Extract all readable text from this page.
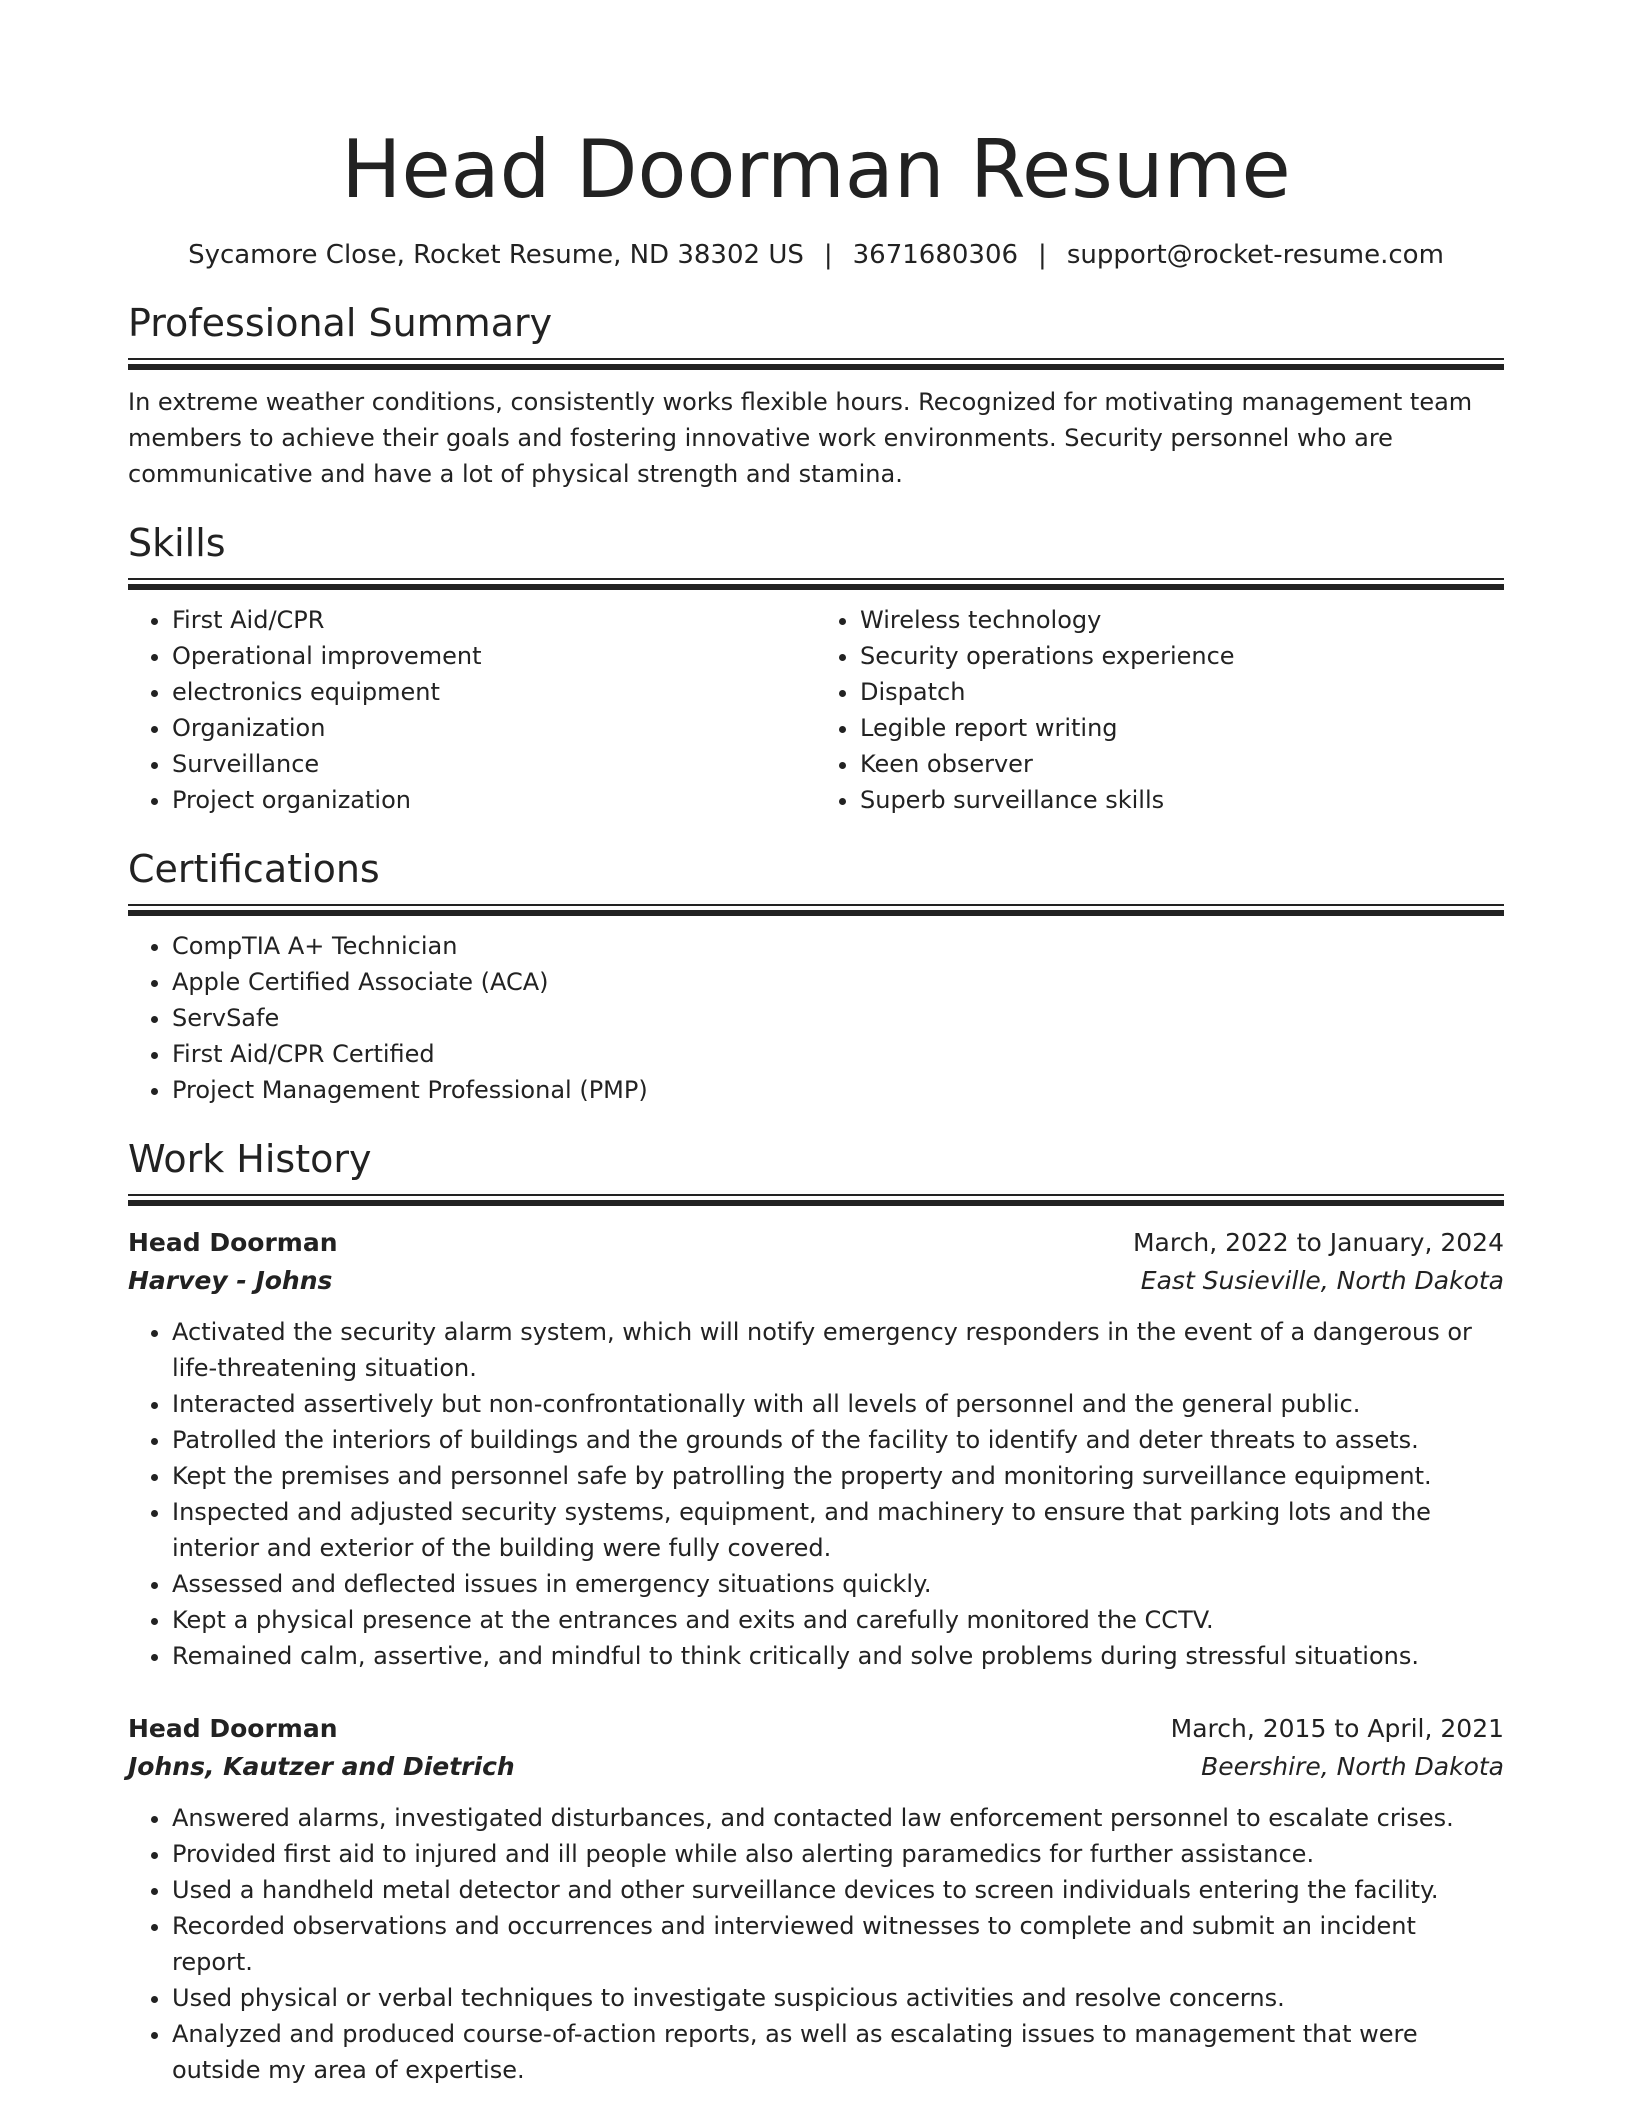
Head Doorman Resume
Sycamore Close, Rocket Resume, ND 38302 US | 3671680306 | support@rocket-resume.com
Professional Summary

In extreme weather conditions, consistently works flexible hours. Recognized for motivating management team members to achieve their goals and fostering innovative work environments. Security personnel who are communicative and have a lot of physical strength and stamina.

Skills
• First Aid/CPR
• Operational improvement
• electronics equipment
• Organization
• Surveillance
• Project organization
• Wireless technology
• Security operations experience
• Dispatch
• Legible report writing
• Keen observer
• Superb surveillance skills
Certifications
• CompTIA A+ Technician
• Apple Certified Associate (ACA)
• ServSafe
• First Aid/CPR Certified
• Project Management Professional (PMP)
Work History
Head Doorman	March, 2022 to January, 2024
Harvey - Johns	East Susieville, North Dakota
• Activated the security alarm system, which will notify emergency responders in the event of a dangerous or life-threatening situation.
• Interacted assertively but non-confrontationally with all levels of personnel and the general public.
• Patrolled the interiors of buildings and the grounds of the facility to identify and deter threats to assets.
• Kept the premises and personnel safe by patrolling the property and monitoring surveillance equipment.
• Inspected and adjusted security systems, equipment, and machinery to ensure that parking lots and the interior and exterior of the building were fully covered.
• Assessed and deflected issues in emergency situations quickly.
• Kept a physical presence at the entrances and exits and carefully monitored the CCTV.
• Remained calm, assertive, and mindful to think critically and solve problems during stressful situations.
Head Doorman	March, 2015 to April, 2021
Johns, Kautzer and Dietrich	Beershire, North Dakota
• Answered alarms, investigated disturbances, and contacted law enforcement personnel to escalate crises.
• Provided first aid to injured and ill people while also alerting paramedics for further assistance.
• Used a handheld metal detector and other surveillance devices to screen individuals entering the facility.
• Recorded observations and occurrences and interviewed witnesses to complete and submit an incident report.
• Used physical or verbal techniques to investigate suspicious activities and resolve concerns.
• Analyzed and produced course-of-action reports, as well as escalating issues to management that were outside my area of expertise.
